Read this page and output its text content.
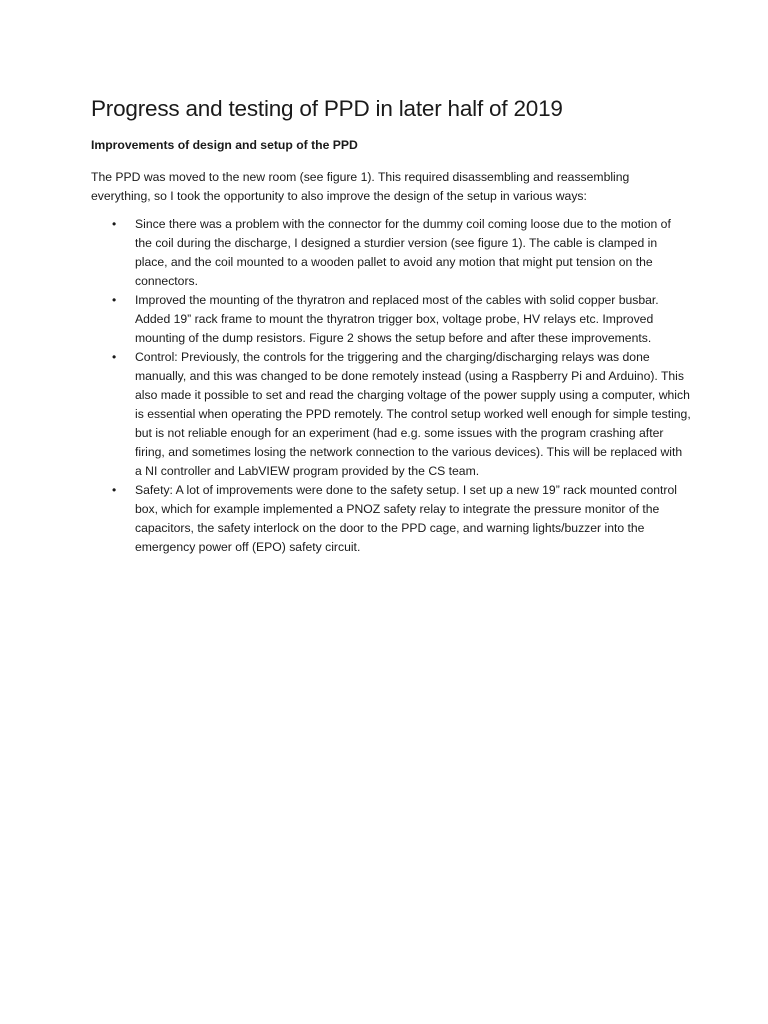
Progress and testing of PPD in later half of 2019
Improvements of design and setup of the PPD

The PPD was moved to the new room (see figure 1). This required disassembling and reassembling everything, so I took the opportunity to also improve the design of the setup in various ways:

• Since there was a problem with the connector for the dummy coil coming loose due to the motion of the coil during the discharge, I designed a sturdier version (see figure 1). The cable is clamped in place, and the coil mounted to a wooden pallet to avoid any motion that might put tension on the connectors.
• Improved the mounting of the thyratron and replaced most of the cables with solid copper busbar. Added 19” rack frame to mount the thyratron trigger box, voltage probe, HV relays etc. Improved mounting of the dump resistors. Figure 2 shows the setup before and after these improvements.
• Control: Previously, the controls for the triggering and the charging/discharging relays was done manually, and this was changed to be done remotely instead (using a Raspberry Pi and Arduino). This also made it possible to set and read the charging voltage of the power supply using a computer, which is essential when operating the PPD remotely. The control setup worked well enough for simple testing, but is not reliable enough for an experiment (had e.g. some issues with the program crashing after firing, and sometimes losing the network connection to the various devices). This will be replaced with a NI controller and LabVIEW program provided by the CS team.
• Safety: A lot of improvements were done to the safety setup. I set up a new 19” rack mounted control box, which for example implemented a PNOZ safety relay to integrate the pressure monitor of the capacitors, the safety interlock on the door to the PPD cage, and warning lights/buzzer into the emergency power off (EPO) safety circuit.
